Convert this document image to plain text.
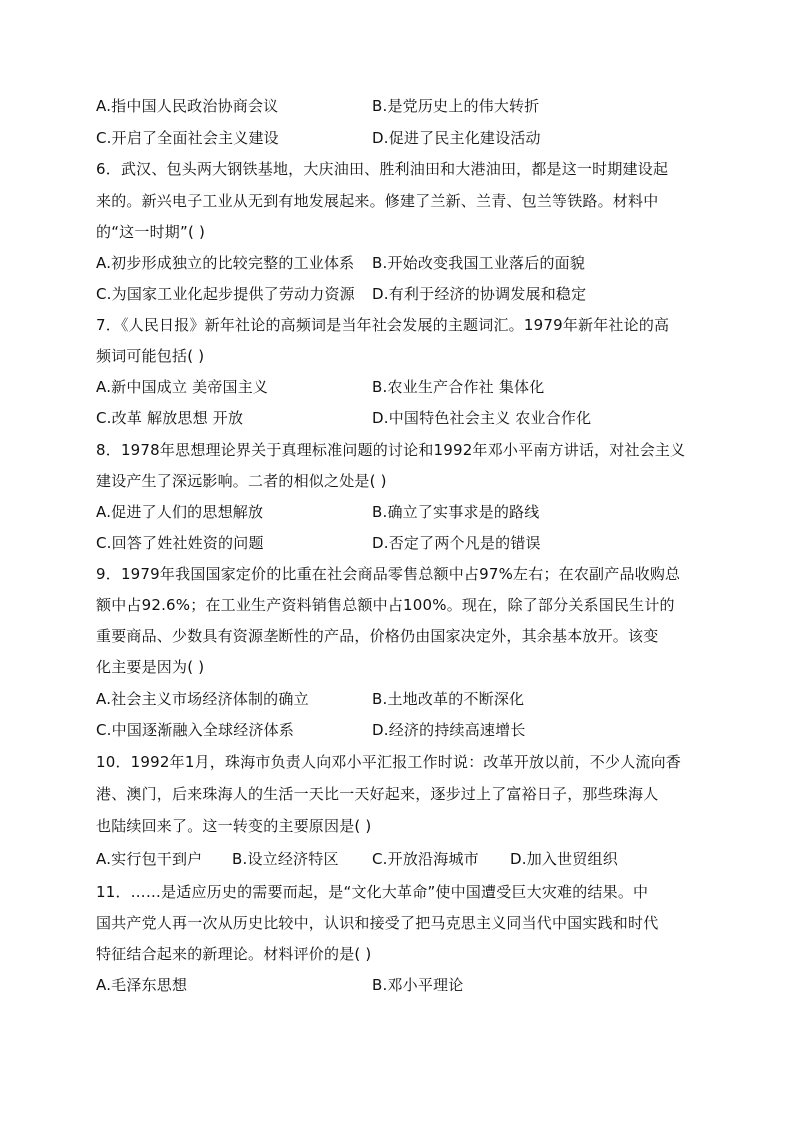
A.指中国人民政治协商会议	B.是党历史上的伟大转折
C.开启了全面社会主义建设	D.促进了民主化建设活动
6．武汉、包头两大钢铁基地，大庆油田、胜利油田和大港油田，都是这一时期建设起
来的。新兴电子工业从无到有地发展起来。修建了兰新、兰青、包兰等铁路。材料中
的“这一时期”( )
A.初步形成独立的比较完整的工业体系 B.开始改变我国工业落后的面貌
C.为国家工业化起步提供了劳动力资源 D.有利于经济的协调发展和稳定
7．《人民日报》新年社论的高频词是当年社会发展的主题词汇。1979年新年社论的高
频词可能包括( )
A.新中国成立 美帝国主义	B.农业生产合作社 集体化
C.改革 解放思想 开放	D.中国特色社会主义 农业合作化
8．1978年思想理论界关于真理标准问题的讨论和1992年邓小平南方讲话，对社会主义
建设产生了深远影响。二者的相似之处是( )
A.促进了人们的思想解放	B.确立了实事求是的路线
C.回答了姓社姓资的问题	D.否定了两个凡是的错误
9．1979年我国国家定价的比重在社会商品零售总额中占97%左右；在农副产品收购总
额中占92.6%；在工业生产资料销售总额中占100%。现在，除了部分关系国民生计的
重要商品、少数具有资源垄断性的产品，价格仍由国家决定外，其余基本放开。该变
化主要是因为( )
A.社会主义市场经济体制的确立	B.土地改革的不断深化
C.中国逐渐融入全球经济体系	D.经济的持续高速增长
10．1992年1月，珠海市负责人向邓小平汇报工作时说：改革开放以前，不少人流向香
港、澳门，后来珠海人的生活一天比一天好起来，逐步过上了富裕日子，那些珠海人
也陆续回来了。这一转变的主要原因是( )
A.实行包干到户 B.设立经济特区 C.开放沿海城市 D.加入世贸组织
11．……是适应历史的需要而起，是“文化大革命”使中国遭受巨大灾难的结果。中
国共产党人再一次从历史比较中，认识和接受了把马克思主义同当代中国实践和时代
特征结合起来的新理论。材料评价的是( )
A.毛泽东思想	B.邓小平理论
